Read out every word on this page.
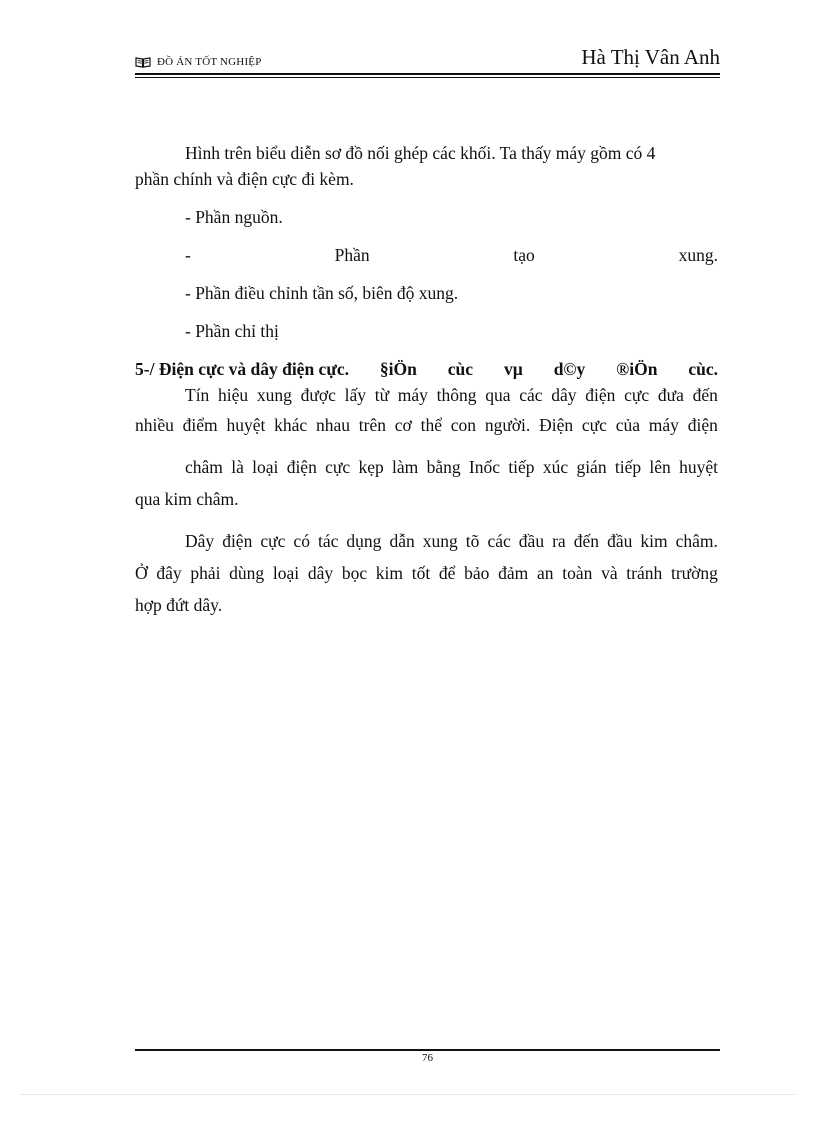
ĐỒ ÁN TỐT NGHIỆP	Hà Thị Vân Anh
Hình trên biểu diễn sơ đồ nối ghép các khối. Ta thấy máy gồm có 4
phần chính và điện cực đi kèm.
- Phần nguồn.
-	Phần	tạo	xung.
- Phần điều chỉnh tần số, biên độ xung.
- Phần chỉ thị
5-/ Điện cực và dây điện cực. §iÖn cùc vµ d©y ®iÖn cùc.
Tín hiệu xung được lấy từ máy thông qua các dây điện cực đưa đến
nhiều điểm huyệt khác nhau trên cơ thể con người. Điện cực của máy điện
châm là loại điện cực kẹp làm bằng Inốc tiếp xúc gián tiếp lên huyệt
qua kim châm.
Dây điện cực có tác dụng dẫn xung tõ các đầu ra đến đầu kim châm.
Ở đây phải dùng loại dây bọc kim tốt để bảo đảm an toàn và tránh trường
hợp đứt dây.
76
